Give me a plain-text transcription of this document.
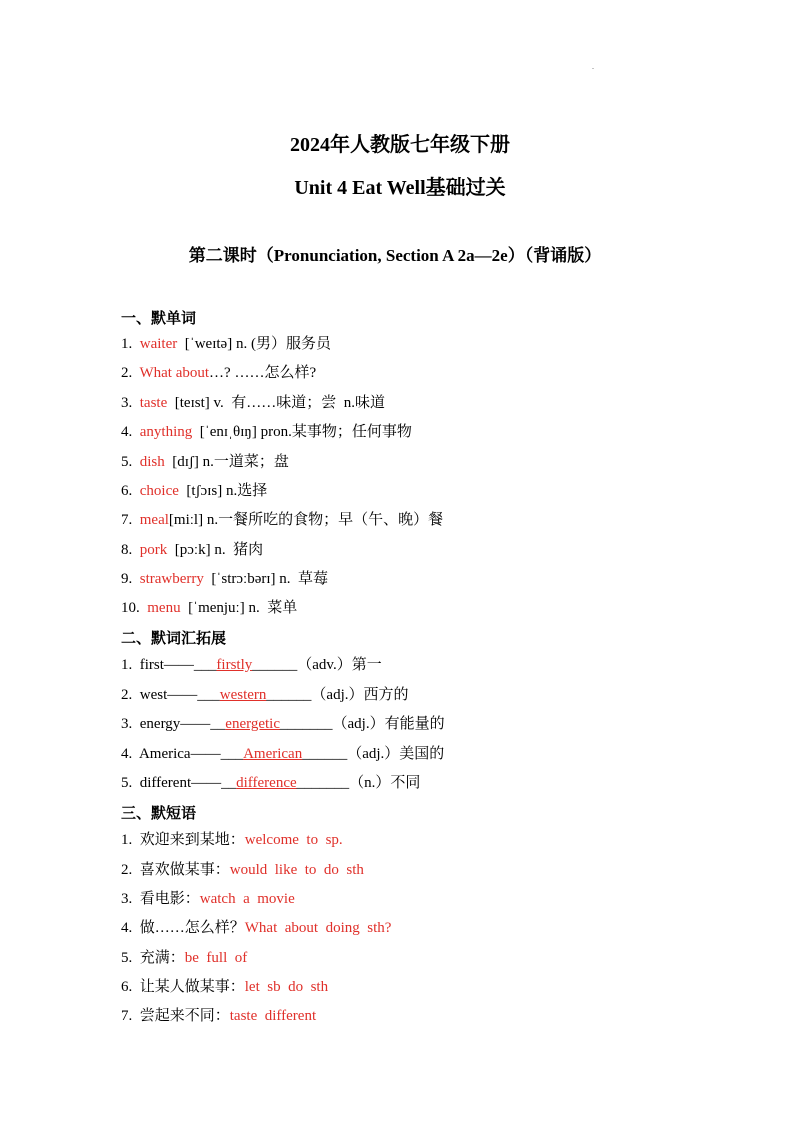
.
2024年人教版七年级下册
Unit 4 Eat Well基础过关
第二课时（Pronunciation, Section A 2a—2e）（背诵版）
一、默单词
1. waiter  [ˈweɪtə] n. (男）服务员
2. What about…? ……怎么样?
3. taste  [teɪst] v.  有……味道；尝  n.味道
4. anything  [ˈenɪˌθɪŋ] pron.某事物；任何事物
5. dish  [dɪʃ] n.一道菜；盘
6. choice  [tʃɔɪs] n.选择
7. meal[miːl] n.一餐所吃的食物；早（午、晚）餐
8. pork  [pɔːk] n.  猪肉
9. strawberry  [ˈstrɔːbərɪ] n.  草莓
10. menu  [ˈmenjuː] n.  菜单
二、默词汇拓展
1. first——___firstly______（adv.）第一
2. west——___western______（adj.）西方的
3. energy——__energetic_______（adj.）有能量的
4. America——___American______（adj.）美国的
5. different——__difference_______（n.）不同
三、默短语
1. 欢迎来到某地：welcome  to  sp.
2. 喜欢做某事：would  like  to  do  sth
3. 看电影：watch  a  movie
4. 做……怎么样？What  about  doing  sth?
5. 充满：be  full  of
6. 让某人做某事：let  sb  do  sth
7. 尝起来不同：taste  different
